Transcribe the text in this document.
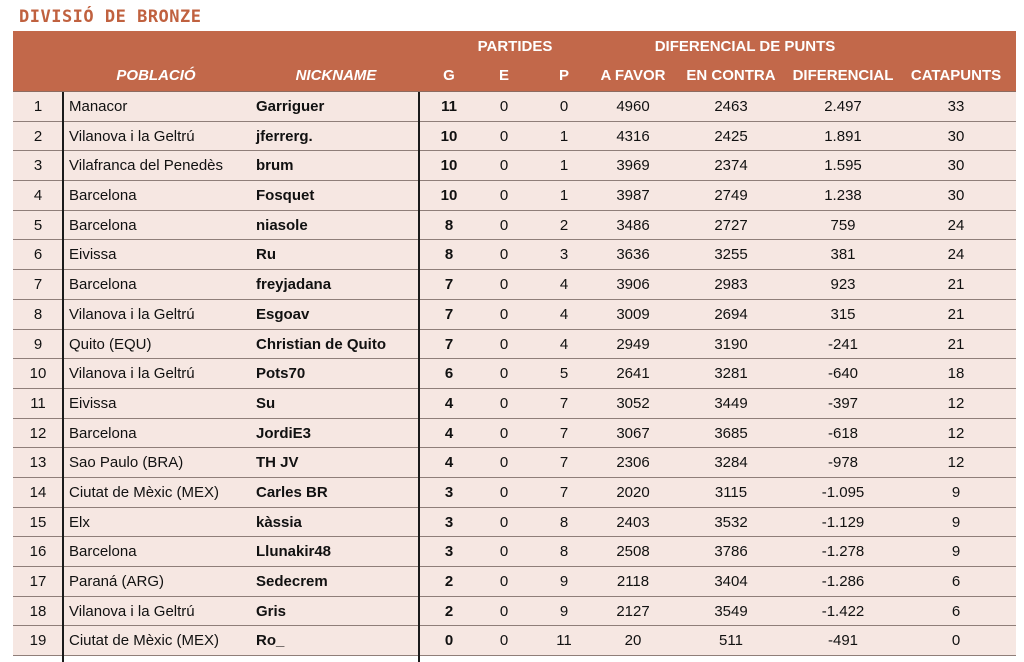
DIVISIÓ DE BRONZE
PARTIDES	DIFERENCIAL DE PUNTS
POBLACIÓ	NICKNAME	G	E	P	A FAVOR	EN CONTRA	DIFERENCIAL	CATAPUNTS
1	Manacor	Garriguer	11	0	0	4960	2463	2.497	33
2	Vilanova i la Geltrú	jferrerg.	10	0	1	4316	2425	1.891	30
3	Vilafranca del Penedès	brum	10	0	1	3969	2374	1.595	30
4	Barcelona	Fosquet	10	0	1	3987	2749	1.238	30
5	Barcelona	niasole	8	0	2	3486	2727	759	24
6	Eivissa	Ru	8	0	3	3636	3255	381	24
7	Barcelona	freyjadana	7	0	4	3906	2983	923	21
8	Vilanova i la Geltrú	Esgoav	7	0	4	3009	2694	315	21
9	Quito (EQU)	Christian de Quito	7	0	4	2949	3190	-241	21
10	Vilanova i la Geltrú	Pots70	6	0	5	2641	3281	-640	18
11	Eivissa	Su	4	0	7	3052	3449	-397	12
12	Barcelona	JordiE3	4	0	7	3067	3685	-618	12
13	Sao Paulo (BRA)	TH JV	4	0	7	2306	3284	-978	12
14	Ciutat de Mèxic (MEX)	Carles BR	3	0	7	2020	3115	-1.095	9
15	Elx	kàssia	3	0	8	2403	3532	-1.129	9
16	Barcelona	Llunakir48	3	0	8	2508	3786	-1.278	9
17	Paraná (ARG)	Sedecrem	2	0	9	2118	3404	-1.286	6
18	Vilanova i la Geltrú	Gris	2	0	9	2127	3549	-1.422	6
19	Ciutat de Mèxic (MEX)	Ro_	0	0	11	20	511	-491	0
